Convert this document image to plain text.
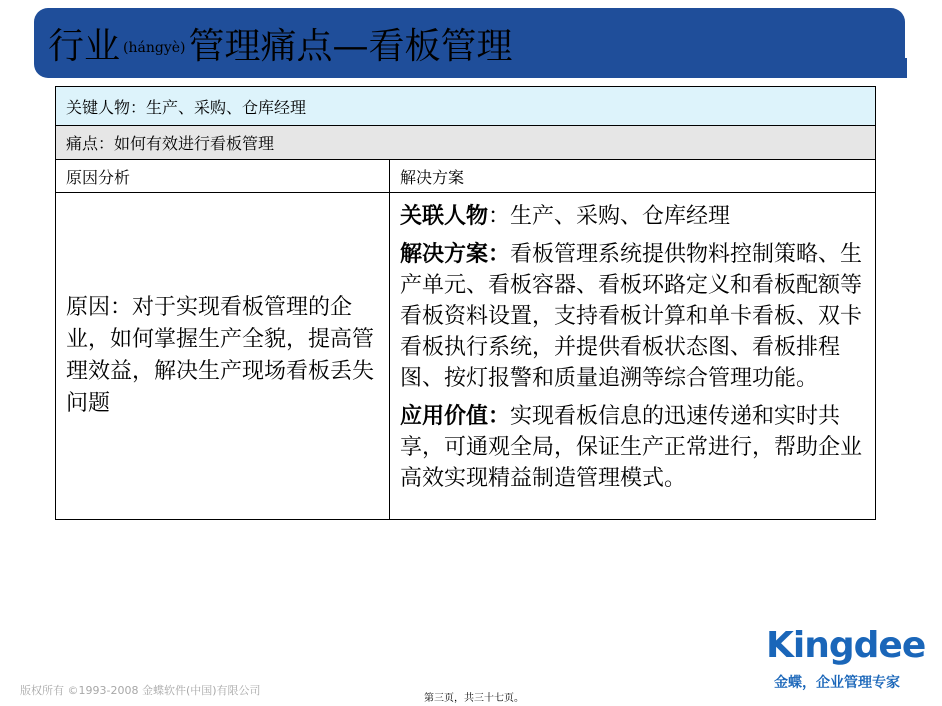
行业 (hángyè)管理痛点—看板管理
关键人物：生产、采购、仓库经理	
痛点：如何有效进行看板管理	
原因分析	解决方案
原因：对于实现看板管理的企业，如何掌握生产全貌，提高管理效益，解决生产现场看板丢失问题	关联人物：生产、采购、仓库经理

解决方案：看板管理系统提供物料控制策略、生产单元、看板容器、看板环路定义和看板配额等看板资料设置，支持看板计算和单卡看板、双卡看板执行系统，并提供看板状态图、看板排程图、按灯报警和质量追溯等综合管理功能。

应用价值：实现看板信息的迅速传递和实时共享，可通观全局，保证生产正常进行，帮助企业高效实现精益制造管理模式。

Kingdee
金蝶，企业管理专家
版权所有 ©1993-2008 金蝶软件(中国)有限公司
第三页，共三十七页。
